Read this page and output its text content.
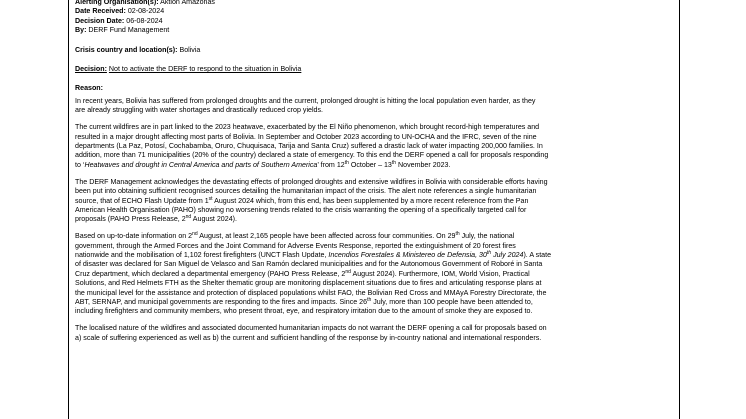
Alerting Organisation(s): Aktion Amazonas

Date Received: 02-08-2024

Decision Date: 06-08-2024

By: DERF Fund Management

Crisis country and location(s): Bolivia

Decision: Not to activate the DERF to respond to the situation in Bolivia

Reason:

In recent years, Bolivia has suffered from prolonged droughts and the current, prolonged drought is hitting the local population even harder, as they

are already struggling with water shortages and drastically reduced crop yields.

The current wildfires are in part linked to the 2023 heatwave, exacerbated by the El Niño phenomenon, which brought record-high temperatures and

resulted in a major drought affecting most parts of Bolivia. In September and October 2023 according to UN-OCHA and the IFRC, seven of the nine

departments (La Paz, Potosí, Cochabamba, Oruro, Chuquisaca, Tarija and Santa Cruz) suffered a drastic lack of water impacting 200,000 families. In

addition, more than 71 municipalities (20% of the country) declared a state of emergency. To this end the DERF opened a call for proposals responding

to ‘Heatwaves and drought in Central America and parts of Southern America’ from 12th October – 13th November 2023.

The DERF Management acknowledges the devastating effects of prolonged droughts and extensive wildfires in Bolivia with considerable efforts having

been put into obtaining sufficient recognised sources detailing the humanitarian impact of the crisis. The alert note references a single humanitarian

source, that of ECHO Flash Update from 1st August 2024 which, from this end, has been supplemented by a more recent reference from the Pan

American Health Organisation (PAHO) showing no worsening trends related to the crisis warranting the opening of a specifically targeted call for

proposals (PAHO Press Release, 2nd August 2024).

Based on up-to-date information on 2nd August, at least 2,165 people have been affected across four communities. On 29th July, the national

government, through the Armed Forces and the Joint Command for Adverse Events Response, reported the extinguishment of 20 forest fires

nationwide and the mobilisation of 1,102 forest firefighters (UNCT Flash Update, Incendios Forestales & Ministereo de Defensia, 30th July 2024). A state

of disaster was declared for San Miguel de Velasco and San Ramón declared municipalities and for the Autonomous Government of Roboré in Santa

Cruz department, which declared a departmental emergency (PAHO Press Release, 2nd August 2024). Furthermore, IOM, World Vision, Practical

Solutions, and Red Helmets FTH as the Shelter thematic group are monitoring displacement situations due to fires and articulating response plans at

the municipal level for the assistance and protection of displaced populations whilst FAO, the Bolivian Red Cross and MMAyA Forestry Directorate, the

ABT, SERNAP, and municipal governments are responding to the fires and impacts. Since 26th July, more than 100 people have been attended to,

including firefighters and community members, who present throat, eye, and respiratory irritation due to the amount of smoke they are exposed to.

The localised nature of the wildfires and associated documented humanitarian impacts do not warrant the DERF opening a call for proposals based on

a) scale of suffering experienced as well as b) the current and sufficient handling of the response by in-country national and international responders.
